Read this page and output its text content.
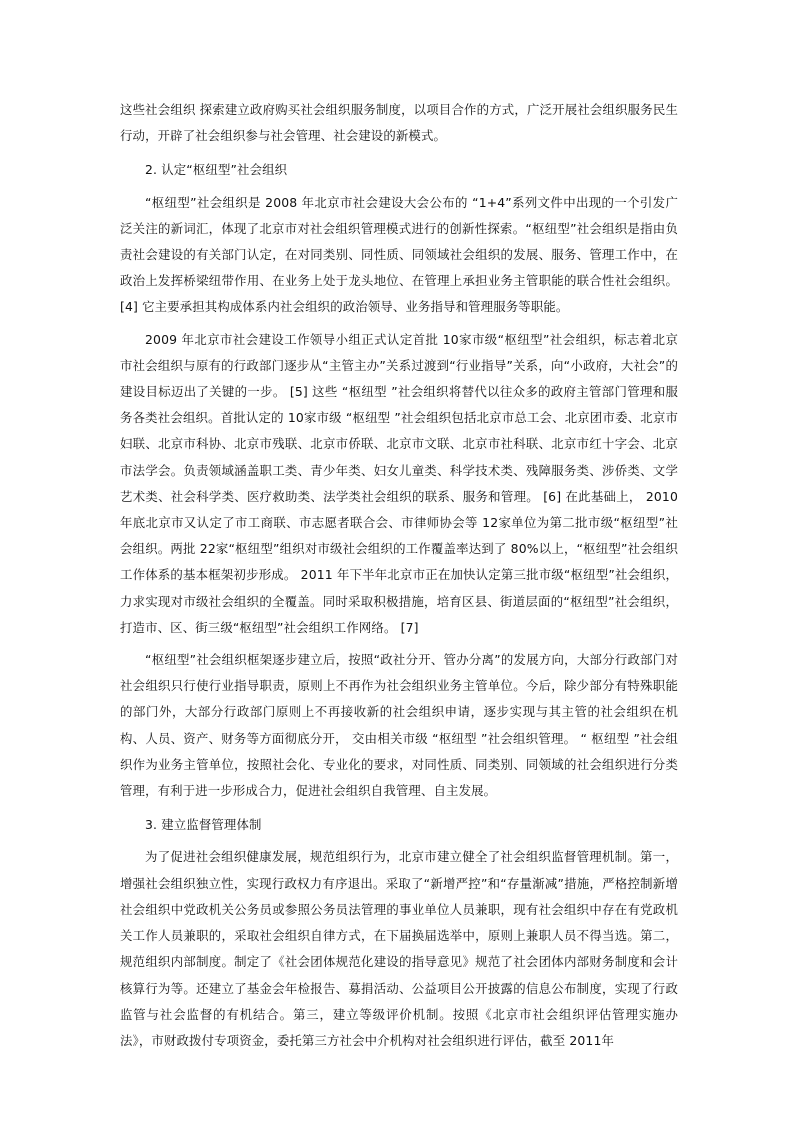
这些社会组织 探索建立政府购买社会组织服务制度，以项目合作的方式，广泛开展社会组织服务民生行动，开辟了社会组织参与社会管理、社会建设的新模式。

2. 认定“枢纽型”社会组织

“枢纽型”社会组织是 2008 年北京市社会建设大会公布的 “1+4”系列文件中出现的一个引发广泛关注的新词汇，体现了北京市对社会组织管理模式进行的创新性探索。“枢纽型”社会组织是指由负责社会建设的有关部门认定，在对同类别、同性质、同领域社会组织的发展、服务、管理工作中，在政治上发挥桥梁纽带作用、在业务上处于龙头地位、在管理上承担业务主管职能的联合性社会组织。 [4] 它主要承担其构成体系内社会组织的政治领导、业务指导和管理服务等职能。

2009 年北京市社会建设工作领导小组正式认定首批 10家市级“枢纽型”社会组织，标志着北京市社会组织与原有的行政部门逐步从“主管主办”关系过渡到“行业指导”关系，向“小政府，大社会”的建设目标迈出了关键的一步。 [5] 这些 “枢纽型 ”社会组织将替代以往众多的政府主管部门管理和服务各类社会组织。首批认定的 10家市级 “枢纽型 ”社会组织包括北京市总工会、北京团市委、北京市妇联、北京市科协、北京市残联、北京市侨联、北京市文联、北京市社科联、北京市红十字会、北京市法学会。负责领域涵盖职工类、青少年类、妇女儿童类、科学技术类、残障服务类、涉侨类、文学艺术类、社会科学类、医疗救助类、法学类社会组织的联系、服务和管理。 [6] 在此基础上， 2010 年底北京市又认定了市工商联、市志愿者联合会、市律师协会等 12家单位为第二批市级“枢纽型”社会组织。两批 22家“枢纽型”组织对市级社会组织的工作覆盖率达到了 80%以上，“枢纽型”社会组织工作体系的基本框架初步形成。 2011 年下半年北京市正在加快认定第三批市级“枢纽型”社会组织，力求实现对市级社会组织的全覆盖。同时采取积极措施，培育区县、街道层面的“枢纽型”社会组织，打造市、区、街三级“枢纽型”社会组织工作网络。 [7]

“枢纽型”社会组织框架逐步建立后，按照“政社分开、管办分离”的发展方向，大部分行政部门对社会组织只行使行业指导职责，原则上不再作为社会组织业务主管单位。今后，除少部分有特殊职能的部门外，大部分行政部门原则上不再接收新的社会组织申请，逐步实现与其主管的社会组织在机构、人员、资产、财务等方面彻底分开， 交由相关市级 “枢纽型 ”社会组织管理。 “ 枢纽型 ”社会组织作为业务主管单位，按照社会化、专业化的要求，对同性质、同类别、同领域的社会组织进行分类管理，有利于进一步形成合力，促进社会组织自我管理、自主发展。

3. 建立监督管理体制

为了促进社会组织健康发展，规范组织行为，北京市建立健全了社会组织监督管理机制。第一，增强社会组织独立性，实现行政权力有序退出。采取了“新增严控”和“存量渐减”措施，严格控制新增社会组织中党政机关公务员或参照公务员法管理的事业单位人员兼职，现有社会组织中存在有党政机关工作人员兼职的，采取社会组织自律方式，在下届换届选举中，原则上兼职人员不得当选。第二，规范组织内部制度。制定了《社会团体规范化建设的指导意见》规范了社会团体内部财务制度和会计核算行为等。还建立了基金会年检报告、募捐活动、公益项目公开披露的信息公布制度，实现了行政监管与社会监督的有机结合。第三，建立等级评价机制。按照《北京市社会组织评估管理实施办法》，市财政拨付专项资金，委托第三方社会中介机构对社会组织进行评估，截至 2011年
